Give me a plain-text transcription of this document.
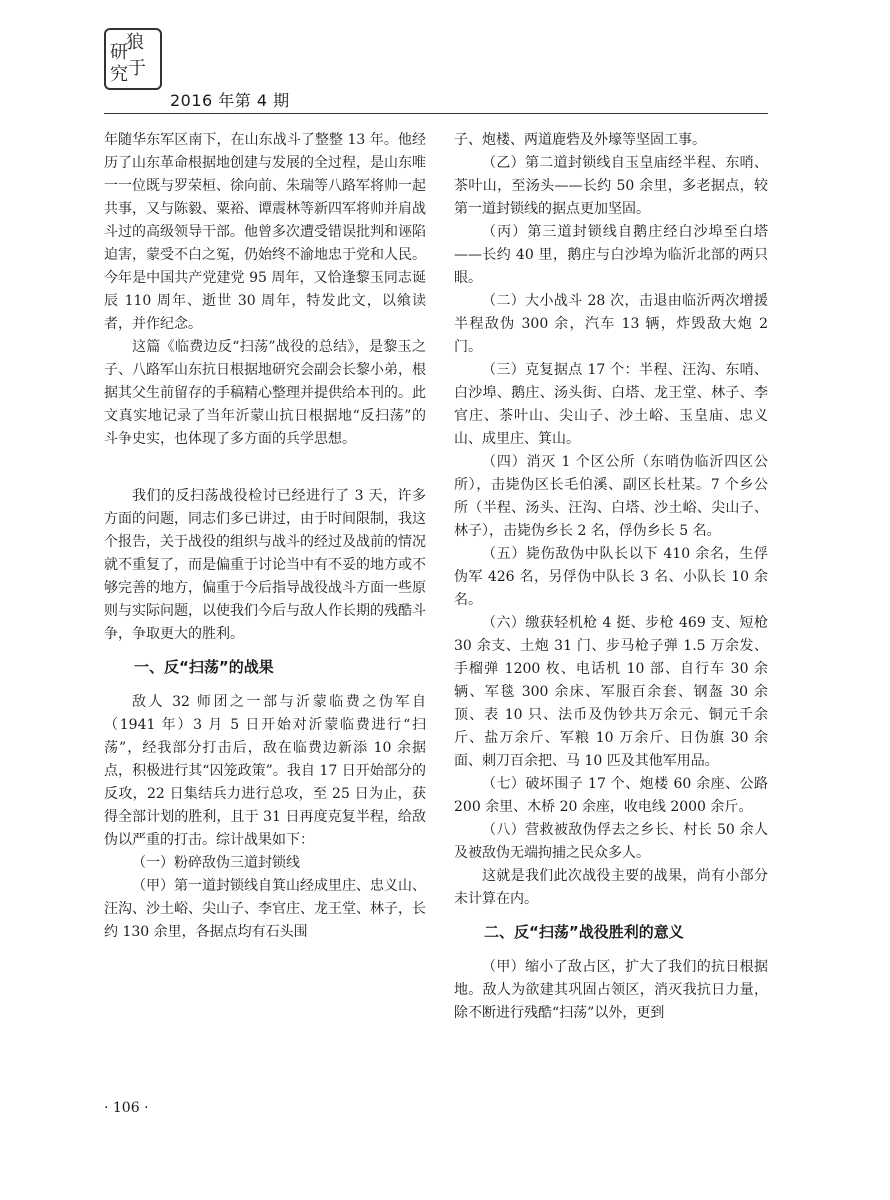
狼
研
于
究
2016 年第 4 期

年随华东军区南下，在山东战斗了整整 13 年。他经历了山东革命根据地创建与发展的全过程，是山东唯一一位既与罗荣桓、徐向前、朱瑞等八路军将帅一起共事，又与陈毅、粟裕、谭震林等新四军将帅并肩战斗过的高级领导干部。他曾多次遭受错误批判和诬陷迫害，蒙受不白之冤，仍始终不渝地忠于党和人民。今年是中国共产党建党 95 周年，又恰逢黎玉同志诞辰 110 周年、逝世 30 周年，特发此文，以飨读者，并作纪念。

这篇《临费边反“扫荡”战役的总结》，是黎玉之子、八路军山东抗日根据地研究会副会长黎小弟，根据其父生前留存的手稿精心整理并提供给本刊的。此文真实地记录了当年沂蒙山抗日根据地“反扫荡”的斗争史实，也体现了多方面的兵学思想。

我们的反扫荡战役检讨已经进行了 3 天，许多方面的问题，同志们多已讲过，由于时间限制，我这个报告，关于战役的组织与战斗的经过及战前的情况就不重复了，而是偏重于讨论当中有不妥的地方或不够完善的地方，偏重于今后指导战役战斗方面一些原则与实际问题，以使我们今后与敌人作长期的残酷斗争，争取更大的胜利。

一、反“扫荡”的战果

敌人 32 师团之一部与沂蒙临费之伪军自（1941 年）3 月 5 日开始对沂蒙临费进行“扫荡”，经我部分打击后，敌在临费边新添 10 余据点，积极进行其“囚笼政策”。我自 17 日开始部分的反攻，22 日集结兵力进行总攻，至 25 日为止，获得全部计划的胜利，且于 31 日再度克复半程，给敌伪以严重的打击。综计战果如下：

（一）粉碎敌伪三道封锁线

（甲）第一道封锁线自箕山经成里庄、忠义山、汪沟、沙土峪、尖山子、李官庄、龙王堂、林子，长约 130 余里，各据点均有石头围

子、炮楼、两道鹿砦及外壕等坚固工事。

（乙）第二道封锁线自玉皇庙经半程、东哨、茶叶山，至汤头——长约 50 余里，多老据点，较第一道封锁线的据点更加坚固。

（丙）第三道封锁线自鹅庄经白沙埠至白塔——长约 40 里，鹅庄与白沙埠为临沂北部的两只眼。

（二）大小战斗 28 次，击退由临沂两次增援半程敌伪 300 余，汽车 13 辆，炸毁敌大炮 2 门。

（三）克复据点 17 个：半程、汪沟、东哨、白沙埠、鹅庄、汤头街、白塔、龙王堂、林子、李官庄、茶叶山、尖山子、沙土峪、玉皇庙、忠义山、成里庄、箕山。

（四）消灭 1 个区公所（东哨伪临沂四区公所），击毙伪区长毛伯溪、副区长杜某。7 个乡公所（半程、汤头、汪沟、白塔、沙土峪、尖山子、林子），击毙伪乡长 2 名，俘伪乡长 5 名。

（五）毙伤敌伪中队长以下 410 余名，生俘伪军 426 名，另俘伪中队长 3 名、小队长 10 余名。

（六）缴获轻机枪 4 挺、步枪 469 支、短枪 30 余支、土炮 31 门、步马枪子弹 1.5 万余发、手榴弹 1200 枚、电话机 10 部、自行车 30 余辆、军毯 300 余床、军服百余套、钢盔 30 余顶、表 10 只、法币及伪钞共万余元、铜元千余斤、盐万余斤、军粮 10 万余斤、日伪旗 30 余面、刺刀百余把、马 10 匹及其他军用品。

（七）破坏围子 17 个、炮楼 60 余座、公路 200 余里、木桥 20 余座，收电线 2000 余斤。

（八）营救被敌伪俘去之乡长、村长 50 余人及被敌伪无端拘捕之民众多人。

这就是我们此次战役主要的战果，尚有小部分未计算在内。

二、反“扫荡”战役胜利的意义

（甲）缩小了敌占区，扩大了我们的抗日根据地。敌人为欲建其巩固占领区，消灭我抗日力量，除不断进行残酷“扫荡”以外，更到

· 106 ·
